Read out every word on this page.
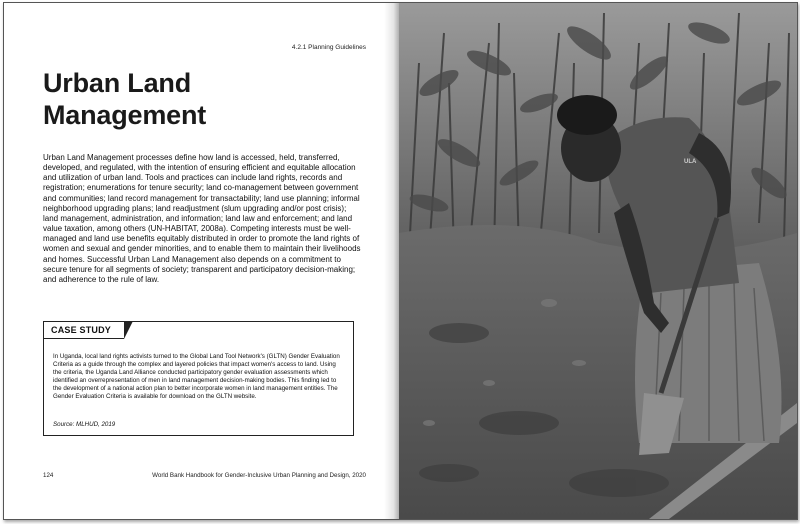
4.2.1 Planning Guidelines
Urban Land
Management
Urban Land Management processes define how land is accessed, held, transferred, developed, and regulated, with the intention of ensuring efficient and equitable allocation and utilization of urban land. Tools and practices can include land rights, records and registration; enumerations for tenure security; land co-management between government and communities; land record management for transactability; land use planning; informal neighborhood upgrading plans; land readjustment (slum upgrading and/or post crisis); land management, administration, and information; land law and enforcement; and land value taxation, among others (UN-HABITAT, 2008a). Competing interests must be well-managed and land use benefits equitably distributed in order to promote the land rights of women and sexual and gender minorities, and to enable them to maintain their livelihoods and homes. Successful Urban Land Management also depends on a commitment to secure tenure for all segments of society; transparent and participatory decision-making; and adherence to the rule of law.
CASE STUDY
In Uganda, local land rights activists turned to the Global Land Tool Network's (GLTN) Gender Evaluation Criteria as a guide through the complex and layered policies that impact women's access to land. Using the criteria, the Uganda Land Alliance conducted participatory gender evaluation assessments which identified an overrepresentation of men in land management decision-making bodies. This finding led to the development of a national action plan to better incorporate women in land management entities. The Gender Evaluation Criteria is available for download on the GLTN website.
Source: MLHUD, 2019
124	World Bank Handbook for Gender-Inclusive Urban Planning and Design, 2020
ULA
